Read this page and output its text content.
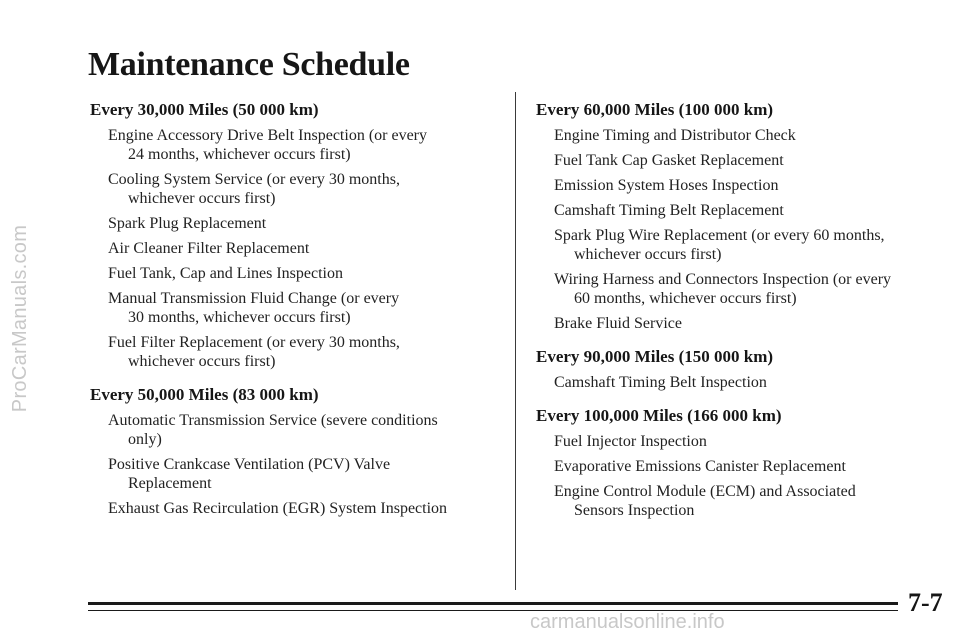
ProCarManuals.com
Maintenance Schedule
Every 30,000 Miles (50 000 km)

Engine Accessory Drive Belt Inspection (or every
24 months, whichever occurs first)

Cooling System Service (or every 30 months,
whichever occurs first)

Spark Plug Replacement

Air Cleaner Filter Replacement

Fuel Tank, Cap and Lines Inspection

Manual Transmission Fluid Change (or every
30 months, whichever occurs first)

Fuel Filter Replacement (or every 30 months,
whichever occurs first)

Every 50,000 Miles (83 000 km)

Automatic Transmission Service (severe conditions
only)

Positive Crankcase Ventilation (PCV) Valve
Replacement

Exhaust Gas Recirculation (EGR) System Inspection

Every 60,000 Miles (100 000 km)

Engine Timing and Distributor Check

Fuel Tank Cap Gasket Replacement

Emission System Hoses Inspection

Camshaft Timing Belt Replacement

Spark Plug Wire Replacement (or every 60 months,
whichever occurs first)

Wiring Harness and Connectors Inspection (or every
60 months, whichever occurs first)

Brake Fluid Service

Every 90,000 Miles (150 000 km)

Camshaft Timing Belt Inspection

Every 100,000 Miles (166 000 km)

Fuel Injector Inspection

Evaporative Emissions Canister Replacement

Engine Control Module (ECM) and Associated
Sensors Inspection

7-7
carmanualsonline.info
